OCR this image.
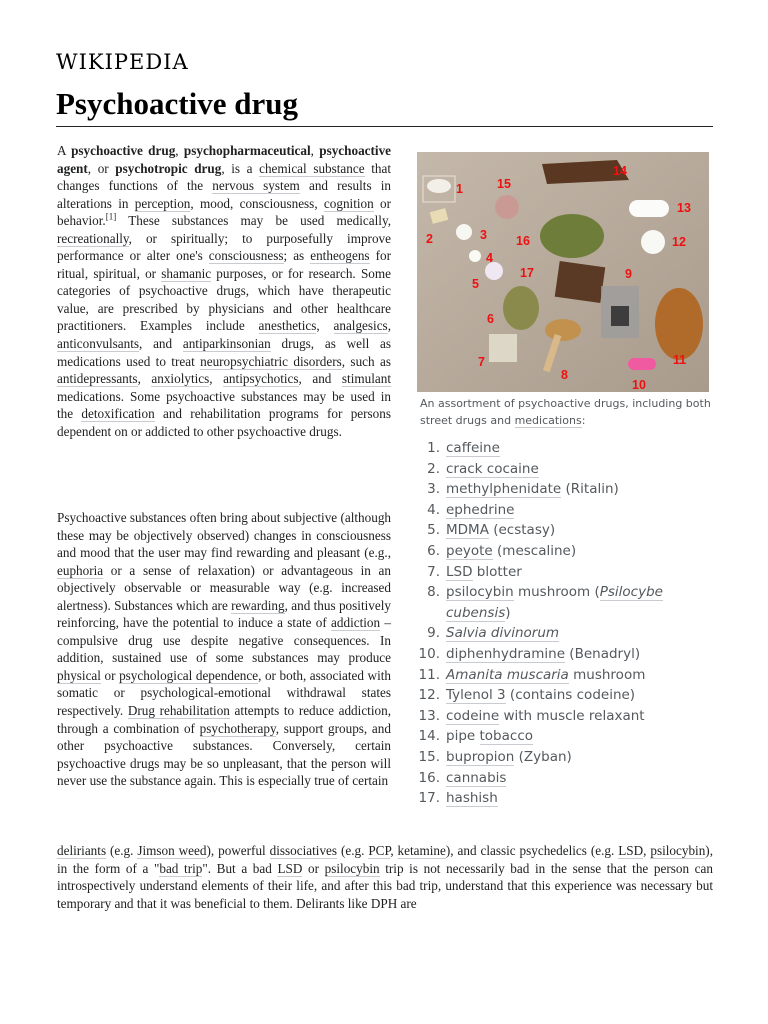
WIKIPEDIA
Psychoactive drug

A psychoactive drug, psychopharmaceutical, psychoactive agent, or psychotropic drug, is a chemical substance that changes functions of the nervous system and results in alterations in perception, mood, consciousness, cognition or behavior.[1] These substances may be used medically, recreationally, or spiritually; to purposefully improve performance or alter one's consciousness; as entheogens for ritual, spiritual, or shamanic purposes, or for research. Some categories of psychoactive drugs, which have therapeutic value, are prescribed by physicians and other healthcare practitioners. Examples include anesthetics, analgesics, anticonvulsants, and antiparkinsonian drugs, as well as medications used to treat neuropsychiatric disorders, such as antidepressants, anxiolytics, antipsychotics, and stimulant medications. Some psychoactive substances may be used in the detoxification and rehabilitation programs for persons dependent on or addicted to other psychoactive drugs.

Psychoactive substances often bring about subjective (although these may be objectively observed) changes in consciousness and mood that the user may find rewarding and pleasant (e.g., euphoria or a sense of relaxation) or advantageous in an objectively observable or measurable way (e.g. increased alertness). Substances which are rewarding, and thus positively reinforcing, have the potential to induce a state of addiction – compulsive drug use despite negative consequences. In addition, sustained use of some substances may produce physical or psychological dependence, or both, associated with somatic or psychological-emotional withdrawal states respectively. Drug rehabilitation attempts to reduce addiction, through a combination of psychotherapy, support groups, and other psychoactive substances. Conversely, certain psychoactive drugs may be so unpleasant, that the person will never use the substance again. This is especially true of certain

deliriants (e.g. Jimson weed), powerful dissociatives (e.g. PCP, ketamine), and classic psychedelics (e.g. LSD, psilocybin), in the form of a "bad trip". But a bad LSD or psilocybin trip is not necessarily bad in the sense that the person can introspectively understand elements of their life, and after this bad trip, understand that this experience was necessary but temporary and that it was beneficial to them. Delirants like DPH are

1
2	3
4
5
6
7
8
9
10
11
12
13
14
15
16
17

An assortment of psychoactive drugs, including both street drugs and medications:

1. caffeine
2. crack cocaine
3. methylphenidate (Ritalin)
4. ephedrine
5. MDMA (ecstasy)
6. peyote (mescaline)
7. LSD blotter
8. psilocybin mushroom (Psilocybe cubensis)
9. Salvia divinorum
10. diphenhydramine (Benadryl)
11. Amanita muscaria mushroom
12. Tylenol 3 (contains codeine)
13. codeine with muscle relaxant
14. pipe tobacco
15. bupropion (Zyban)
16. cannabis
17. hashish
